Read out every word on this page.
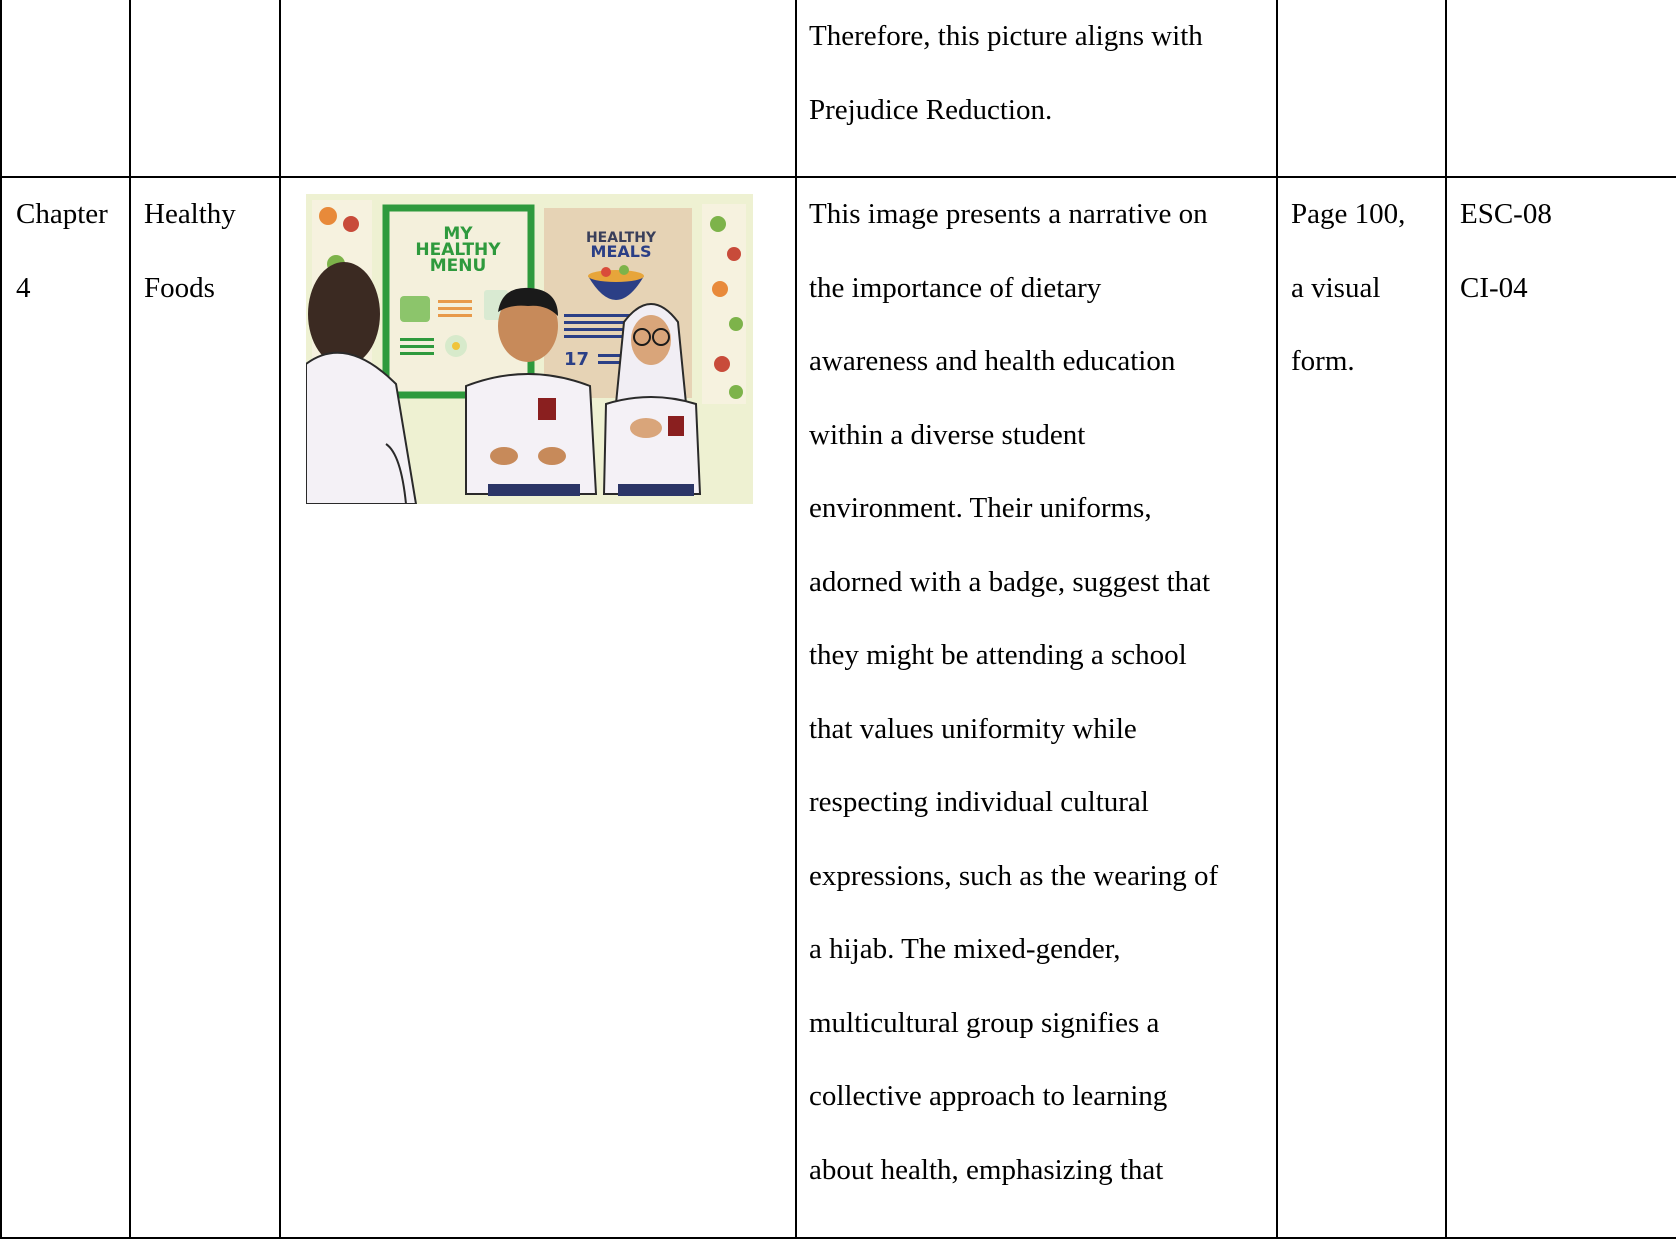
Therefore, this picture aligns with
Prejudice Reduction.
Chapter
4
Healthy
Foods
MY
HEALTHY
MENU
HEALTHY
MEALS
17
This image presents a narrative on
the importance of dietary
awareness and health education
within a diverse student
environment. Their uniforms,
adorned with a badge, suggest that
they might be attending a school
that values uniformity while
respecting individual cultural
expressions, such as the wearing of
a hijab. The mixed-gender,
multicultural group signifies a
collective approach to learning
about health, emphasizing that
Page 100,
a visual
form.
ESC-08
CI-04
